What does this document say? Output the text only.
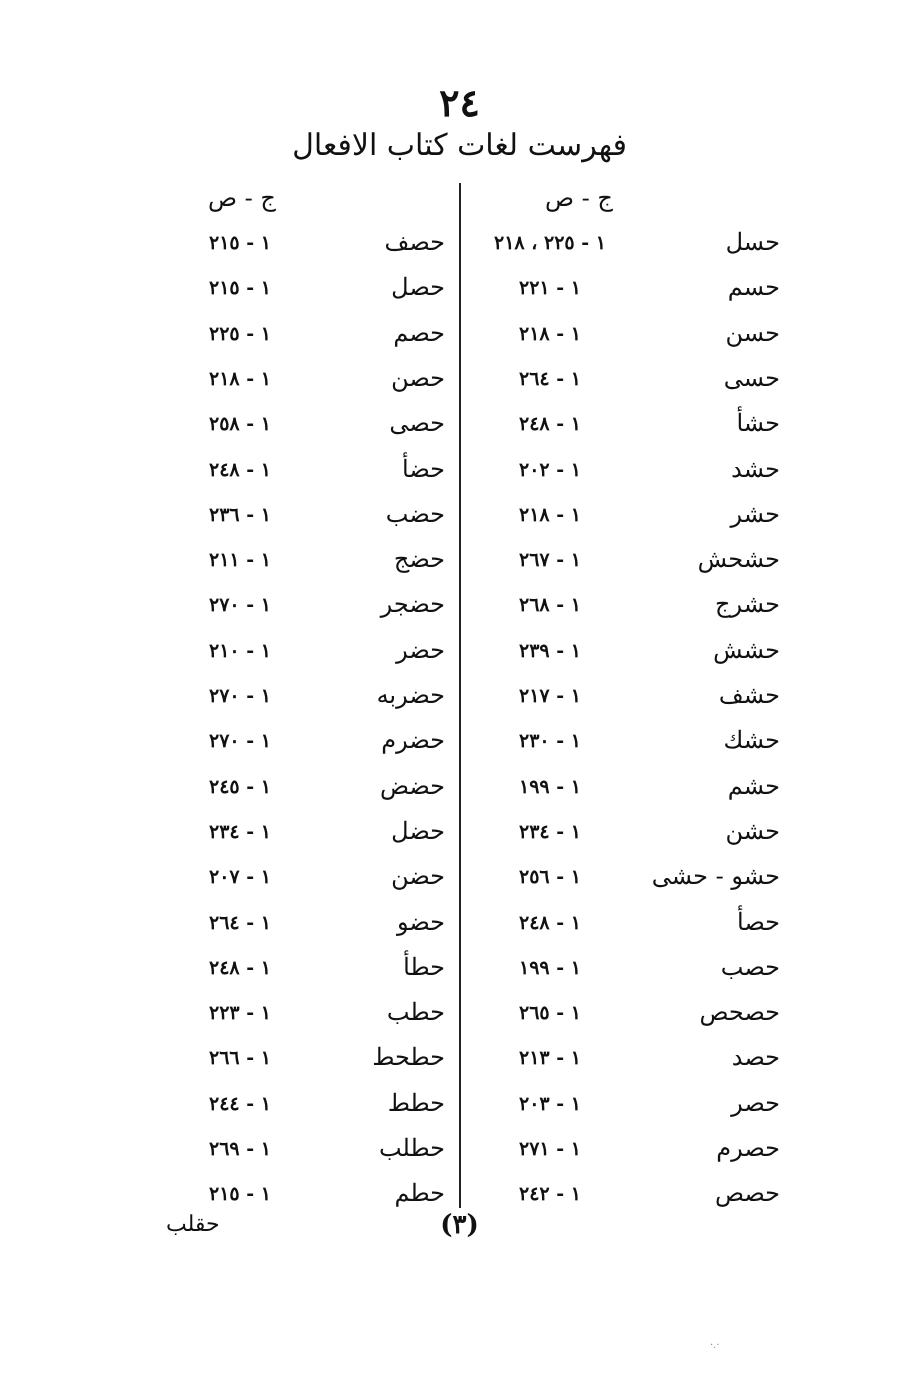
٢٤
فهرست لغات كتاب الافعال
ج - ص
ج - ص
حسل
١ - ٢٢٥ ، ٢١٨
حسم
١ - ٢٢١
حسن
١ - ٢١٨
حسى
١ - ٢٦٤
حشأ
١ - ٢٤٨
حشد
١ - ٢٠٢
حشر
١ - ٢١٨
حشحش
١ - ٢٦٧
حشرج
١ - ٢٦٨
حشش
١ - ٢٣٩
حشف
١ - ٢١٧
حشك
١ - ٢٣٠
حشم
١ - ١٩٩
حشن
١ - ٢٣٤
حشو - حشى
١ - ٢٥٦
حصأ
١ - ٢٤٨
حصب
١ - ١٩٩
حصحص
١ - ٢٦٥
حصد
١ - ٢١٣
حصر
١ - ٢٠٣
حصرم
١ - ٢٧١
حصص
١ - ٢٤٢
حصف
١ - ٢١٥
حصل
١ - ٢١٥
حصم
١ - ٢٢٥
حصن
١ - ٢١٨
حصى
١ - ٢٥٨
حضأ
١ - ٢٤٨
حضب
١ - ٢٣٦
حضج
١ - ٢١١
حضجر
١ - ٢٧٠
حضر
١ - ٢١٠
حضربه
١ - ٢٧٠
حضرم
١ - ٢٧٠
حضض
١ - ٢٤٥
حضل
١ - ٢٣٤
حضن
١ - ٢٠٧
حضو
١ - ٢٦٤
حطأ
١ - ٢٤٨
حطب
١ - ٢٢٣
حطحط
١ - ٢٦٦
حطط
١ - ٢٤٤
حطلب
١ - ٢٦٩
حطم
١ - ٢١٥
(٣)
حقلب
·.·
